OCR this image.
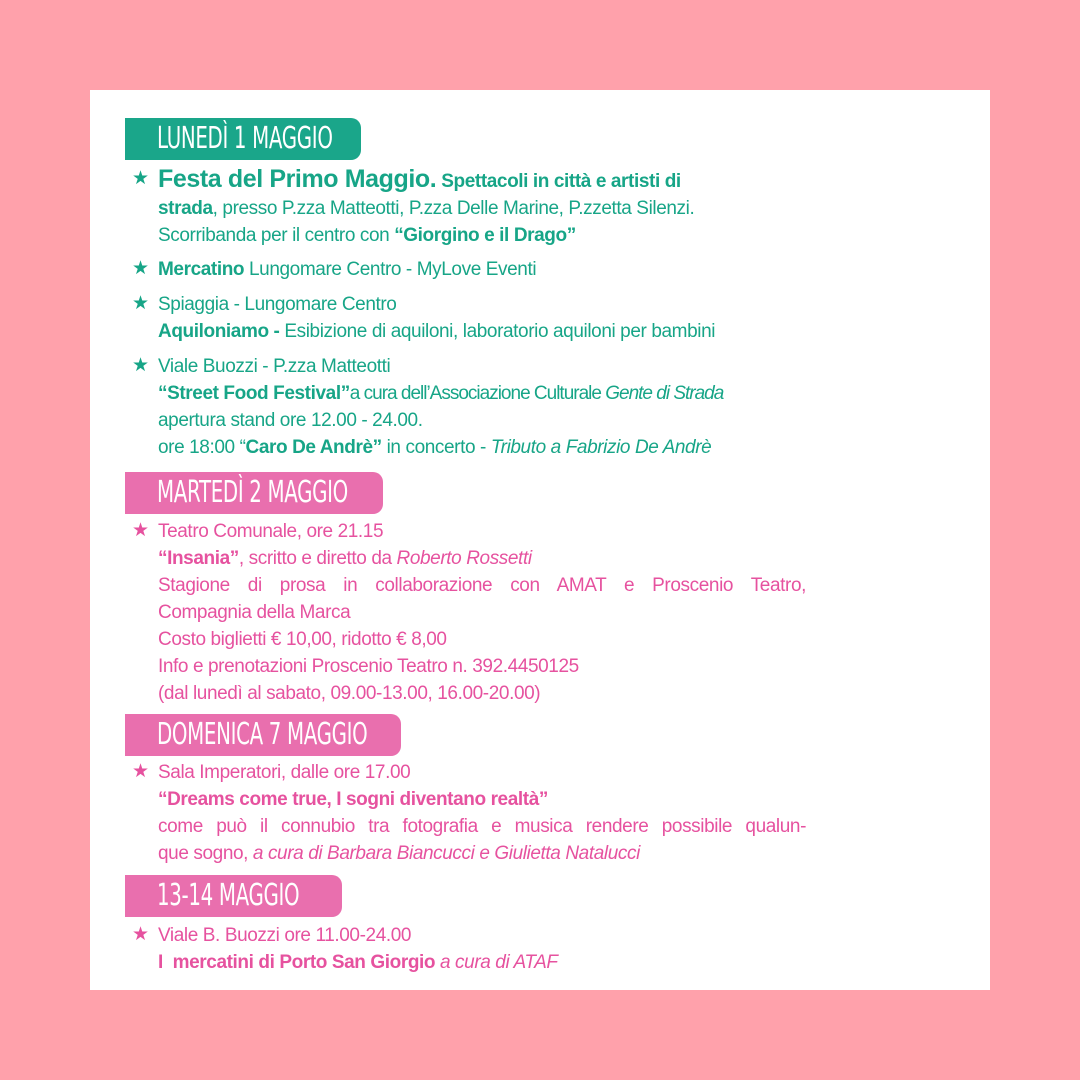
LUNEDÌ 1 MAGGIO
★ Festa del Primo Maggio. Spettacoli in città e artisti di
strada, presso P.zza Matteotti, P.zza Delle Marine, P.zzetta Silenzi.
Scorribanda per il centro con “Giorgino e il Drago”
★ Mercatino Lungomare Centro - MyLove Eventi
★ Spiaggia - Lungomare Centro
Aquiloniamo - Esibizione di aquiloni, laboratorio aquiloni per bambini
★ Viale Buozzi - P.zza Matteotti
“Street Food Festival”a cura dell’Associazione Culturale Gente di Strada
apertura stand ore 12.00 - 24.00.
ore 18:00 “Caro De Andrè” in concerto - Tributo a Fabrizio De Andrè
MARTEDÌ 2 MAGGIO
★ Teatro Comunale, ore 21.15
“Insania”, scritto e diretto da Roberto Rossetti
Stagione di prosa in collaborazione con AMAT e Proscenio Teatro,
Compagnia della Marca
Costo biglietti € 10,00, ridotto € 8,00
Info e prenotazioni Proscenio Teatro n. 392.4450125
(dal lunedì al sabato, 09.00-13.00, 16.00-20.00)
DOMENICA 7 MAGGIO
★ Sala Imperatori, dalle ore 17.00
“Dreams come true, I sogni diventano realtà”
come può il connubio tra fotografia e musica rendere possibile qualun-
que sogno, a cura di Barbara Biancucci e Giulietta Natalucci
13-14 MAGGIO
★ Viale B. Buozzi ore 11.00-24.00
I  mercatini di Porto San Giorgio a cura di ATAF
